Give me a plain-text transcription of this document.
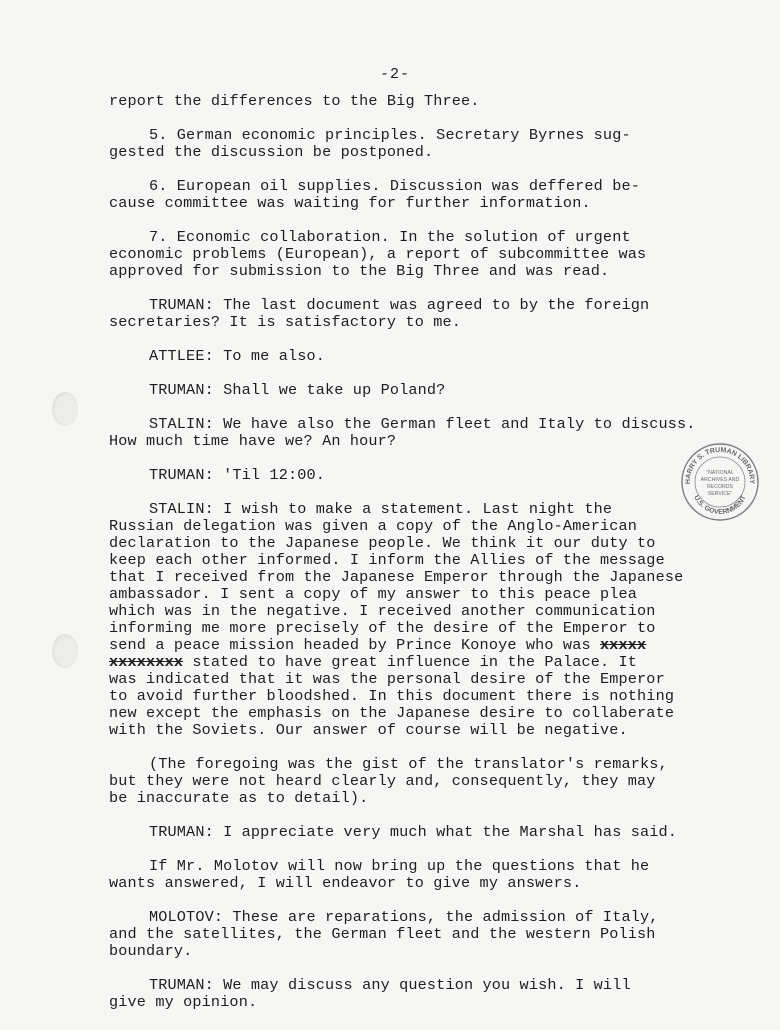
-2-

report the differences to the Big Three.

5. German economic principles. Secretary Byrnes sug-
gested the discussion be postponed.

6. European oil supplies. Discussion was deffered be-
cause committee was waiting for further information.

7. Economic collaboration. In the solution of urgent
economic problems (European), a report of subcommittee was
approved for submission to the Big Three and was read.

TRUMAN: The last document was agreed to by the foreign
secretaries? It is satisfactory to me.

ATTLEE: To me also.

TRUMAN: Shall we take up Poland?

STALIN: We have also the German fleet and Italy to discuss.
How much time have we? An hour?

TRUMAN: 'Til 12:00.

STALIN: I wish to make a statement. Last night the
Russian delegation was given a copy of the Anglo-American
declaration to the Japanese people. We think it our duty to
keep each other informed. I inform the Allies of the message
that I received from the Japanese Emperor through the Japanese
ambassador. I sent a copy of my answer to this peace plea
which was in the negative. I received another communication
informing me more precisely of the desire of the Emperor to
send a peace mission headed by Prince Konoye who was xxxxx
xxxxxxxx stated to have great influence in the Palace. It
was indicated that it was the personal desire of the Emperor
to avoid further bloodshed. In this document there is nothing
new except the emphasis on the Japanese desire to collaberate
with the Soviets. Our answer of course will be negative.

(The foregoing was the gist of the translator's remarks,
but they were not heard clearly and, consequently, they may
be inaccurate as to detail).

TRUMAN: I appreciate very much what the Marshal has said.

If Mr. Molotov will now bring up the questions that he
wants answered, I will endeavor to give my answers.

MOLOTOV: These are reparations, the admission of Italy,
and the satellites, the German fleet and the western Polish
boundary.

TRUMAN: We may discuss any question you wish. I will
give my opinion.

HARRY S. TRUMAN LIBRARY
U.S. GOVERNMENT
"NATIONAL
ARCHIVES AND
RECORDS
SERVICE"
